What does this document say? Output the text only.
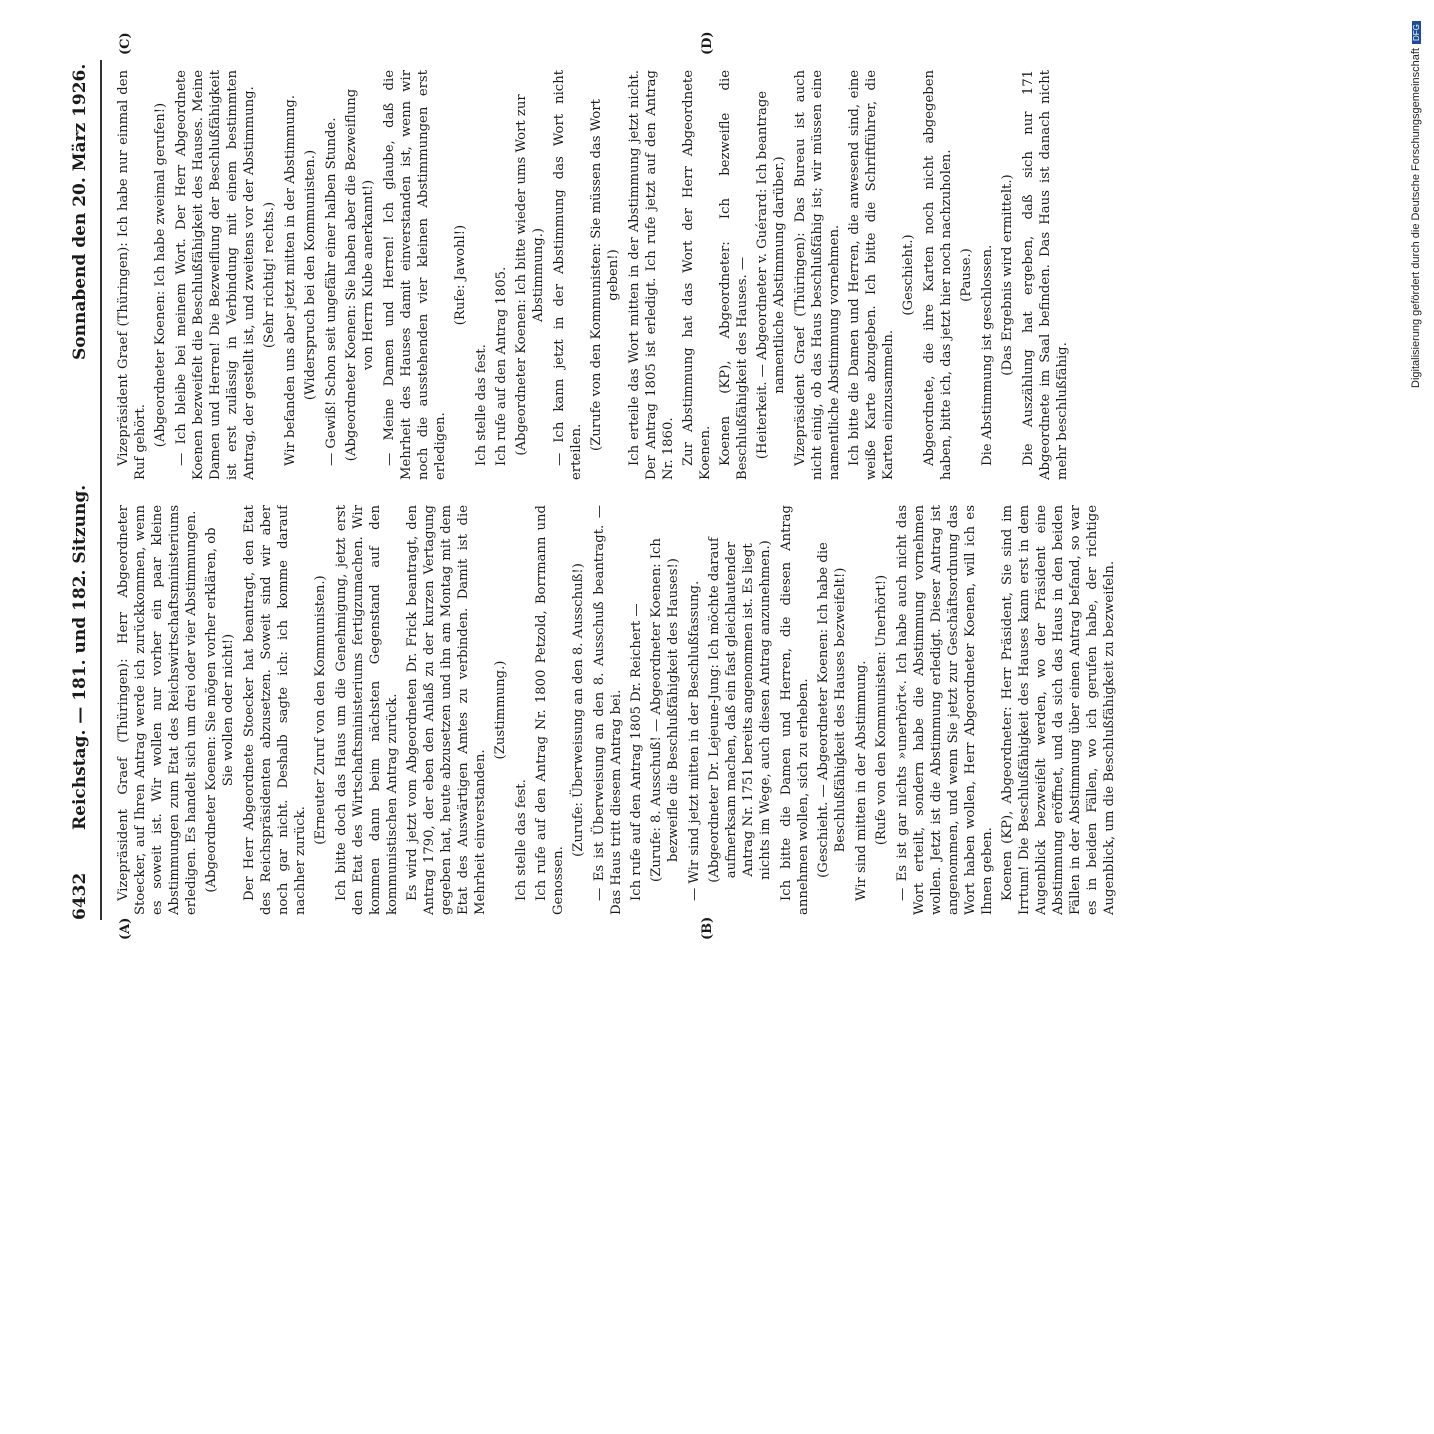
6432
Reichstag. — 181. und 182. Sitzung.
Sonnabend den 20. März 1926.
(A)	(B)
(C)	(D)

Vizepräsident Graef (Thüringen): Herr Abgeordneter Stoecker, auf Ihren Antrag werde ich zurückkommen, wenn es soweit ist. Wir wollen nur vorher ein paar kleine Abstimmungen zum Etat des Reichswirtschaftsministeriums erledigen. Es handelt sich um drei oder vier Abstimmungen. (Abgeordneter Koenen: Sie mögen vorher erklären, ob Sie wollen oder nicht!) Der Herr Abgeordnete Stoecker hat beantragt, den Etat des Reichspräsidenten abzusetzen. Soweit sind wir aber noch gar nicht. Deshalb sagte ich: ich komme darauf nachher zurück.

(Erneuter Zuruf von den Kommunisten.) Ich bitte doch das Haus um die Genehmigung, jetzt erst den Etat des Wirtschaftsministeriums fertigzumachen. Wir kommen dann beim nächsten Gegenstand auf den kommunistischen Antrag zurück. Es wird jetzt vom Abgeordneten Dr. Frick beantragt, den Antrag 1790, der eben den Anlaß zu der kurzen Vertagung gegeben hat, heute abzusetzen und ihn am Montag mit dem Etat des Auswärtigen Amtes zu verbinden. Damit ist die Mehrheit einverstanden.

(Zustimmung.)

Ich stelle das fest. Ich rufe auf den Antrag Nr. 1800 Petzold, Borrmann und Genossen.

(Zurufe: Überweisung an den 8. Ausschuß!) — Es ist Überweisung an den 8. Ausschuß beantragt. — Das Haus tritt diesem Antrag bei. Ich rufe auf den Antrag 1805 Dr. Reichert — (Zurufe: 8. Ausschuß! — Abgeordneter Koenen: Ich bezweifle die Beschlußfähigkeit des Hauses!) — Wir sind jetzt mitten in der Beschlußfassung. (Abgeordneter Dr. Lejeune-Jung: Ich möchte darauf aufmerksam machen, daß ein fast gleichlautender Antrag Nr. 1751 bereits angenommen ist. Es liegt nichts im Wege, auch diesen Antrag anzunehmen.) Ich bitte die Damen und Herren, die diesen Antrag annehmen wollen, sich zu erheben. (Geschieht. — Abgeordneter Koenen: Ich habe die Beschlußfähigkeit des Hauses bezweifelt!) Wir sind mitten in der Abstimmung. (Rufe von den Kommunisten: Unerhört!) — Es ist gar nichts »unerhört«. Ich habe auch nicht das Wort erteilt, sondern habe die Abstimmung vornehmen wollen. Jetzt ist die Abstimmung erledigt. Dieser Antrag ist angenommen, und wenn Sie jetzt zur Geschäftsordnung das Wort haben wollen, Herr Abgeordneter Koenen, will ich es Ihnen geben. Koenen (KP), Abgeordneter: Herr Präsident, Sie sind im Irrtum! Die Beschlußfähigkeit des Hauses kann erst in dem Augenblick bezweifelt werden, wo der Präsident eine Abstimmung eröffnet, und da sich das Haus in den beiden Fällen in der Abstimmung über einen Antrag befand, so war es in beiden Fällen, wo ich gerufen habe, der richtige Augenblick, um die Beschlußfähigkeit zu bezweifeln.

Vizepräsident Graef (Thüringen): Ich habe nur einmal den Ruf gehört. (Abgeordneter Koenen: Ich habe zweimal gerufen!) — Ich bleibe bei meinem Wort. Der Herr Abgeordnete Koenen bezweifelt die Beschlußfähigkeit des Hauses. Meine Damen und Herren! Die Bezweiflung der Beschlußfähigkeit ist erst zulässig in Verbindung mit einem bestimmten Antrag, der gestellt ist, und zweitens vor der Abstimmung. (Sehr richtig! rechts.) Wir befanden uns aber jetzt mitten in der Abstimmung. (Widerspruch bei den Kommunisten.) — Gewiß! Schon seit ungefähr einer halben Stunde. (Abgeordneter Koenen: Sie haben aber die Bezweiflung von Herrn Kube anerkannt!) — Meine Damen und Herren! Ich glaube, daß die Mehrheit des Hauses damit einverstanden ist, wenn wir noch die ausstehenden vier kleinen Abstimmungen erst erledigen.

(Rufe: Jawohl!)

Ich stelle das fest. Ich rufe auf den Antrag 1805. (Abgeordneter Koenen: Ich bitte wieder ums Wort zur Abstimmung.) — Ich kann jetzt in der Abstimmung das Wort nicht erteilen.

(Zurufe von den Kommunisten: Sie müssen das Wort geben!) Ich erteile das Wort mitten in der Abstimmung jetzt nicht. Der Antrag 1805 ist erledigt. Ich rufe jetzt auf den Antrag Nr. 1860. Zur Abstimmung hat das Wort der Herr Abgeordnete Koenen. Koenen (KP), Abgeordneter: Ich bezweifle die Beschlußfähigkeit des Hauses. — (Heiterkeit. — Abgeordneter v. Guérard: Ich beantrage namentliche Abstimmung darüber.) Vizepräsident Graef (Thüringen): Das Bureau ist auch nicht einig, ob das Haus beschlußfähig ist; wir müssen eine namentliche Abstimmung vornehmen. Ich bitte die Damen und Herren, die anwesend sind, eine weiße Karte abzugeben. Ich bitte die Schriftführer, die Karten einzusammeln.

(Geschieht.) Abgeordnete, die ihre Karten noch nicht abgegeben haben, bitte ich, das jetzt hier noch nachzuholen. (Pause.) Die Abstimmung ist geschlossen. (Das Ergebnis wird ermittelt.) Die Auszählung hat ergeben, daß sich nur 171 Abgeordnete im Saal befinden. Das Haus ist danach nicht mehr beschlußfähig.

Digitalisierung gefördert durch die Deutsche ForschungsgemeinschaftDFG
